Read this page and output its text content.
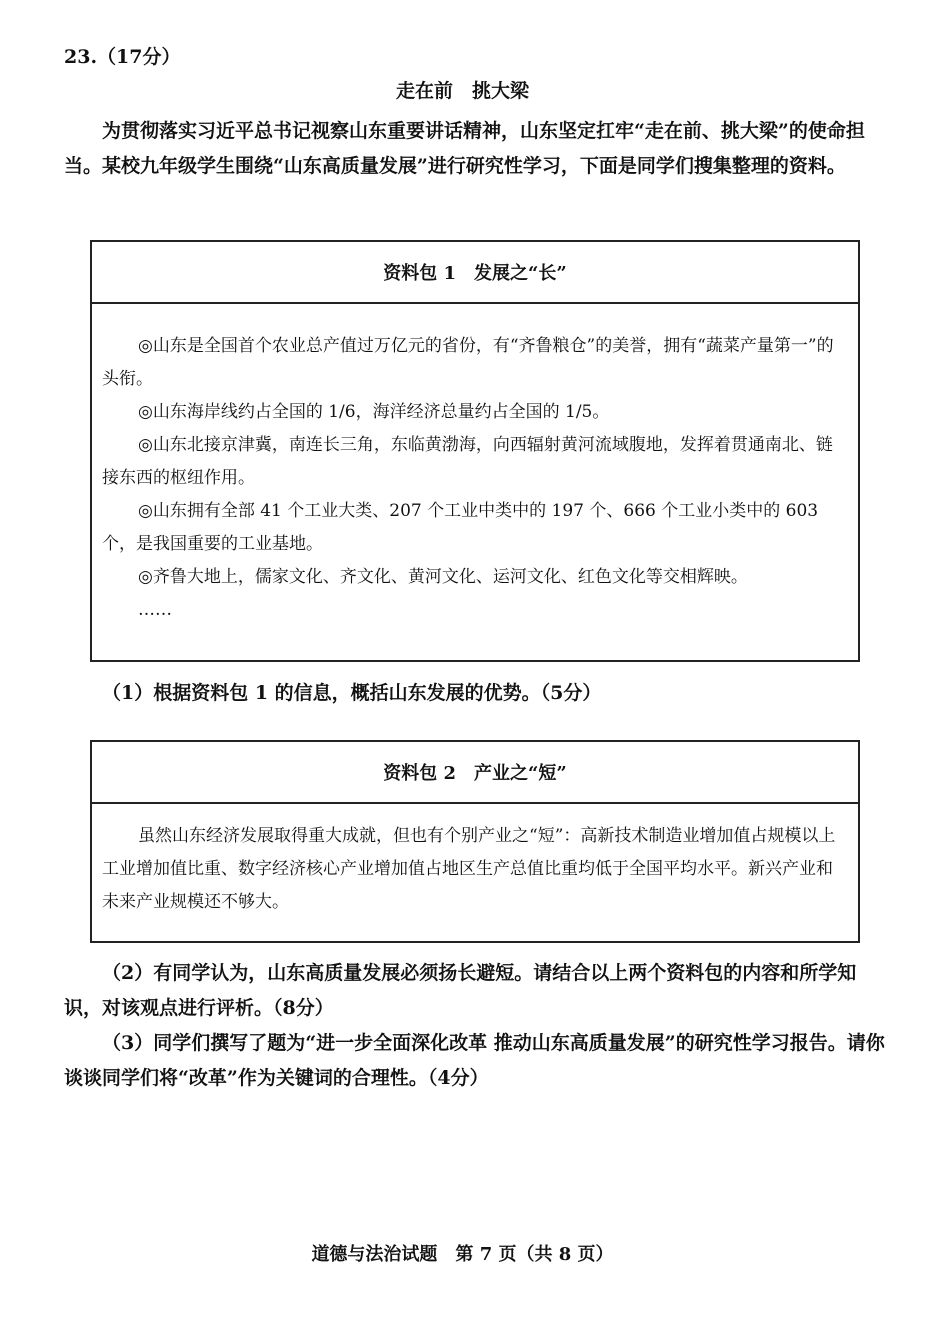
23.（17分）
走在前　挑大梁
为贯彻落实习近平总书记视察山东重要讲话精神，山东坚定扛牢“走在前、挑大梁”的使命担当。某校九年级学生围绕“山东高质量发展”进行研究性学习，下面是同学们搜集整理的资料。
资料包 1　发展之“长”

◎山东是全国首个农业总产值过万亿元的省份，有“齐鲁粮仓”的美誉，拥有“蔬菜产量第一”的头衔。

◎山东海岸线约占全国的 1/6，海洋经济总量约占全国的 1/5。

◎山东北接京津冀，南连长三角，东临黄渤海，向西辐射黄河流域腹地，发挥着贯通南北、链接东西的枢纽作用。

◎山东拥有全部 41 个工业大类、207 个工业中类中的 197 个、666 个工业小类中的 603 个，是我国重要的工业基地。

◎齐鲁大地上，儒家文化、齐文化、黄河文化、运河文化、红色文化等交相辉映。

……

（1）根据资料包 1 的信息，概括山东发展的优势。（5分）
资料包 2　产业之“短”

虽然山东经济发展取得重大成就，但也有个别产业之“短”：高新技术制造业增加值占规模以上工业增加值比重、数字经济核心产业增加值占地区生产总值比重均低于全国平均水平。新兴产业和未来产业规模还不够大。

（2）有同学认为，山东高质量发展必须扬长避短。请结合以上两个资料包的内容和所学知识，对该观点进行评析。（8分）
（3）同学们撰写了题为“进一步全面深化改革 推动山东高质量发展”的研究性学习报告。请你谈谈同学们将“改革”作为关键词的合理性。（4分）
道德与法治试题　第 7 页（共 8 页）
